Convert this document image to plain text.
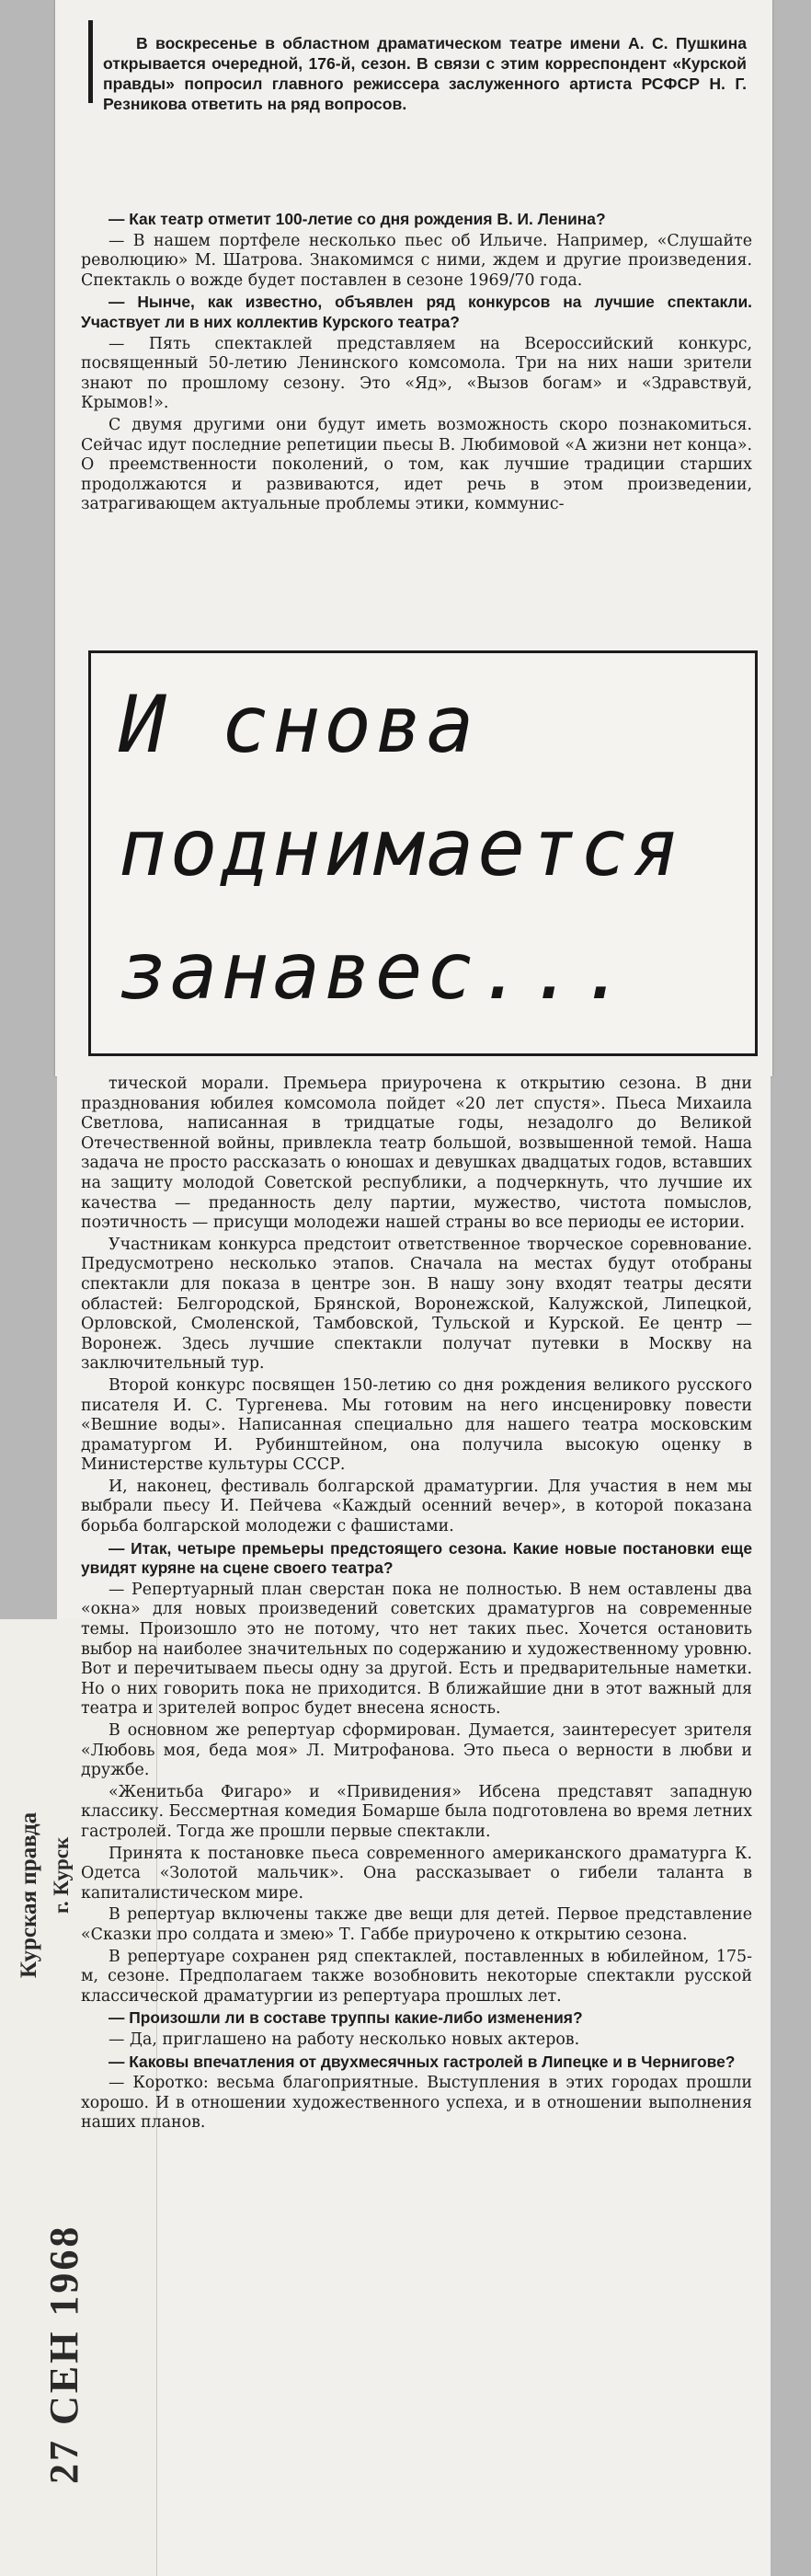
В воскресенье в областном драматическом театре имени А. С. Пушкина открывается очередной, 176-й, сезон. В связи с этим корреспондент «Курской правды» попросил главного режиссера заслуженного артиста РСФСР Н. Г. Резникова ответить на ряд вопросов.

— Как театр отметит 100-летие со дня рождения В. И. Ленина?

— В нашем портфеле несколько пьес об Ильиче. Например, «Слушайте революцию» М. Шатрова. Знакомимся с ними, ждем и другие произведения. Спектакль о вожде будет поставлен в сезоне 1969/70 года.

— Нынче, как известно, объявлен ряд конкурсов на лучшие спектакли. Участвует ли в них коллектив Курского театра?

— Пять спектаклей представляем на Всероссийский конкурс, посвященный 50-летию Ленинского комсомола. Три на них наши зрители знают по прошлому сезону. Это «Яд», «Вызов богам» и «Здравствуй, Крымов!».

С двумя другими они будут иметь возможность скоро познакомиться. Сейчас идут последние репетиции пьесы В. Любимовой «А жизни нет конца». О преемственности поколений, о том, как лучшие традиции старших продолжаются и развиваются, идет речь в этом произведении, затрагивающем актуальные проблемы этики, коммунис-

И снова
поднимается
занавес...

тической морали. Премьера приурочена к открытию сезона. В дни празднования юбилея комсомола пойдет «20 лет спустя». Пьеса Михаила Светлова, написанная в тридцатые годы, незадолго до Великой Отечественной войны, привлекла театр большой, возвышенной темой. Наша задача не просто рассказать о юношах и девушках двадцатых годов, вставших на защиту молодой Советской республики, а подчеркнуть, что лучшие их качества — преданность делу партии, мужество, чистота помыслов, поэтичность — присущи молодежи нашей страны во все периоды ее истории.

Участникам конкурса предстоит ответственное творческое соревнование. Предусмотрено несколько этапов. Сначала на местах будут отобраны спектакли для показа в центре зон. В нашу зону входят театры десяти областей: Белгородской, Брянской, Воронежской, Калужской, Липецкой, Орловской, Смоленской, Тамбовской, Тульской и Курской. Ее центр — Воронеж. Здесь лучшие спектакли получат путевки в Москву на заключительный тур.

Второй конкурс посвящен 150-летию со дня рождения великого русского писателя И. С. Тургенева. Мы готовим на него инсценировку повести «Вешние воды». Написанная специально для нашего театра московским драматургом И. Рубинштейном, она получила высокую оценку в Министерстве культуры СССР.

И, наконец, фестиваль болгарской драматургии. Для участия в нем мы выбрали пьесу И. Пейчева «Каждый осенний вечер», в которой показана борьба болгарской молодежи с фашистами.

— Итак, четыре премьеры предстоящего сезона. Какие новые постановки еще увидят куряне на сцене своего театра?

— Репертуарный план сверстан пока не полностью. В нем оставлены два «окна» для новых произведений советских драматургов на современные темы. Произошло это не потому, что нет таких пьес. Хочется остановить выбор на наиболее значительных по содержанию и художественному уровню. Вот и перечитываем пьесы одну за другой. Есть и предварительные наметки. Но о них говорить пока не приходится. В ближайшие дни в этот важный для театра и зрителей вопрос будет внесена ясность.

В основном же репертуар сформирован. Думается, заинтересует зрителя «Любовь моя, беда моя» Л. Митрофанова. Это пьеса о верности в любви и дружбе.

«Женитьба Фигаро» и «Привидения» Ибсена представят западную классику. Бессмертная комедия Бомарше была подготовлена во время летних гастролей. Тогда же прошли первые спектакли.

Принята к постановке пьеса современного американского драматурга К. Одетса «Золотой мальчик». Она рассказывает о гибели таланта в капиталистическом мире.

В репертуар включены также две вещи для детей. Первое представление «Сказки про солдата и змею» Т. Габбе приурочено к открытию сезона.

В репертуаре сохранен ряд спектаклей, поставленных в юбилейном, 175-м, сезоне. Предполагаем также возобновить некоторые спектакли русской классической драматургии из репертуара прошлых лет.

— Произошли ли в составе труппы какие-либо изменения?

— Да, приглашено на работу несколько новых актеров.

— Каковы впечатления от двухмесячных гастролей в Липецке и в Чернигове?

— Коротко: весьма благоприятные. Выступления в этих городах прошли хорошо. И в отношении художественного успеха, и в отношении выполнения наших планов.

Курская правда г. Курск
27 СЕН 1968
